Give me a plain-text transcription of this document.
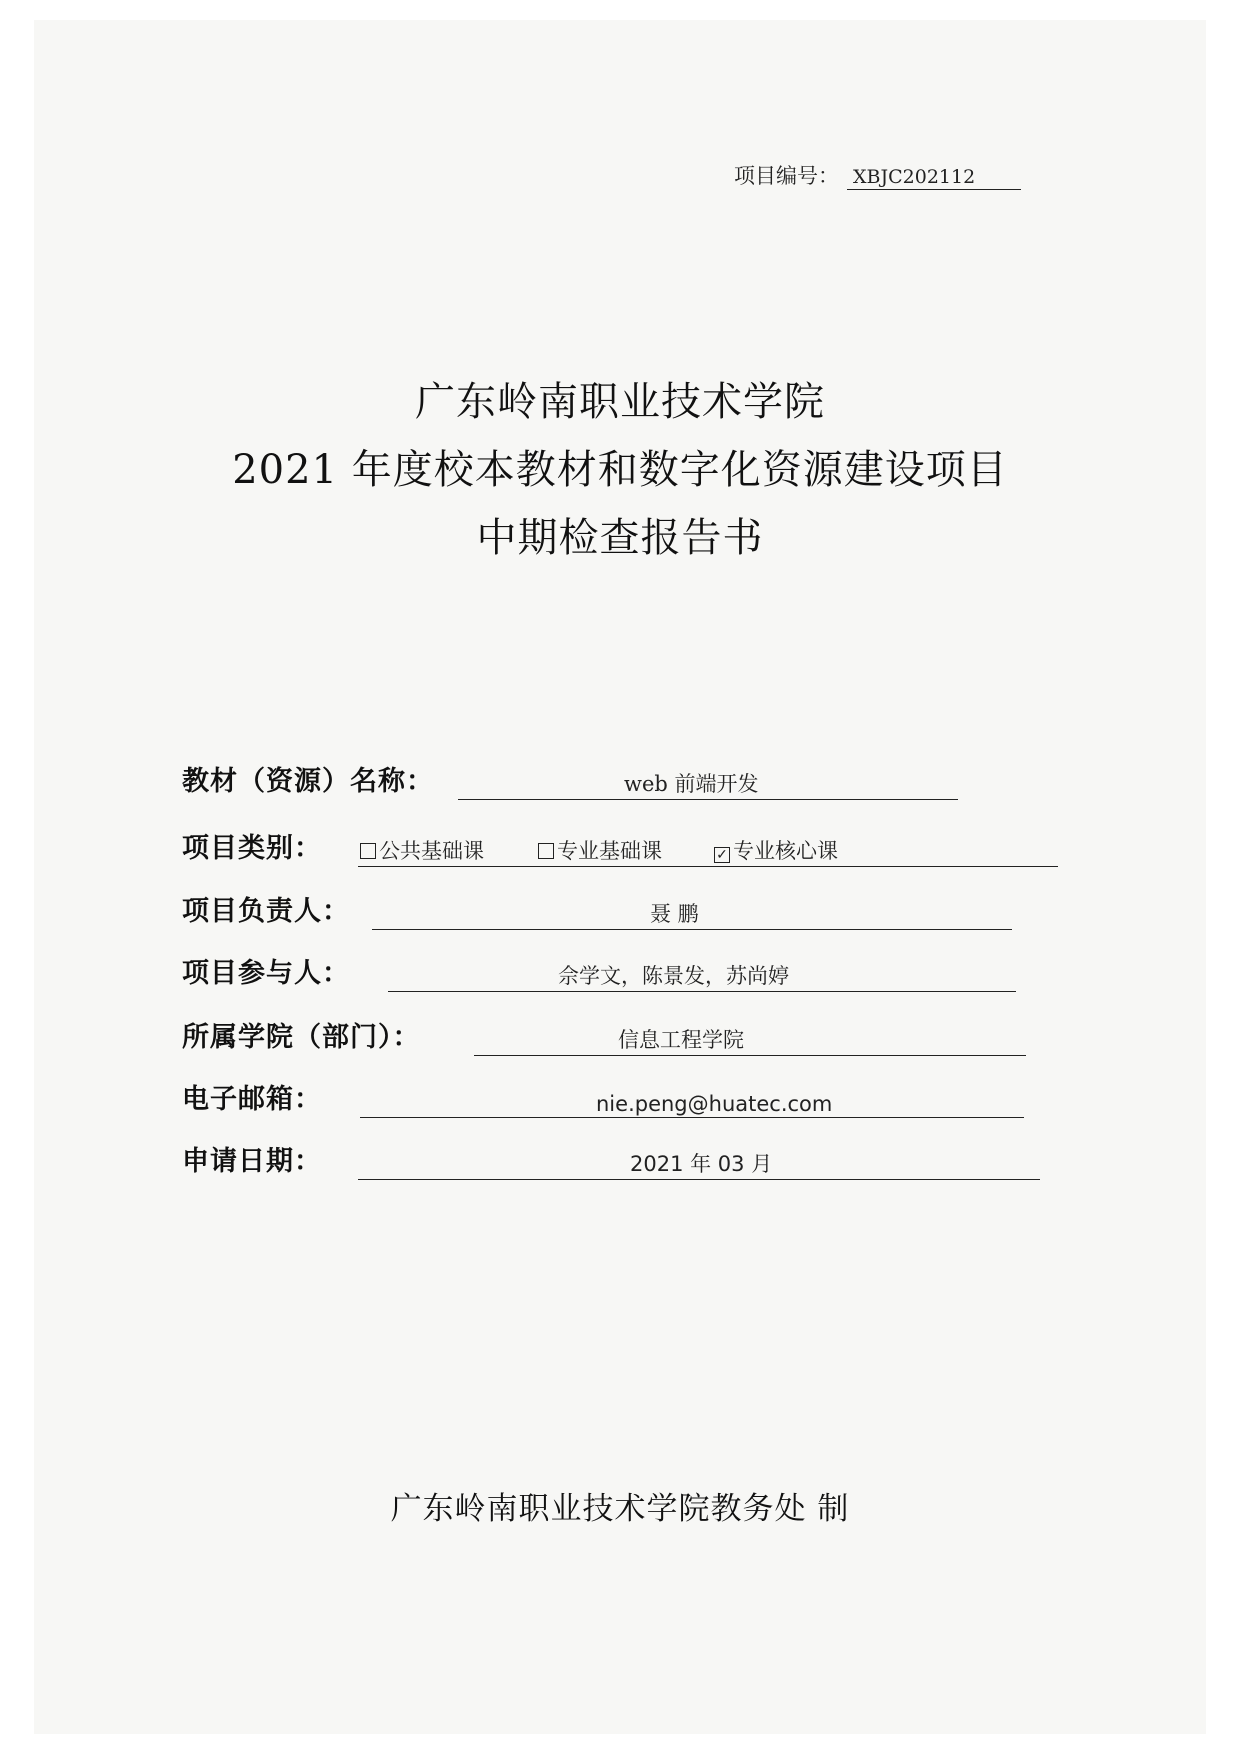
项目编号： XBJC202112
广东岭南职业技术学院
2021 年度校本教材和数字化资源建设项目
中期检查报告书
教材（资源）名称：	web 前端开发
项目类别：	公共基础课	专业基础课	✓ 专业核心课
项目负责人：	聂 鹏
项目参与人：	佘学文，陈景发，苏尚婷
所属学院（部门）：	信息工程学院
电子邮箱：	nie.peng@huatec.com
申请日期：	2021 年 03 月
广东岭南职业技术学院教务处 制
